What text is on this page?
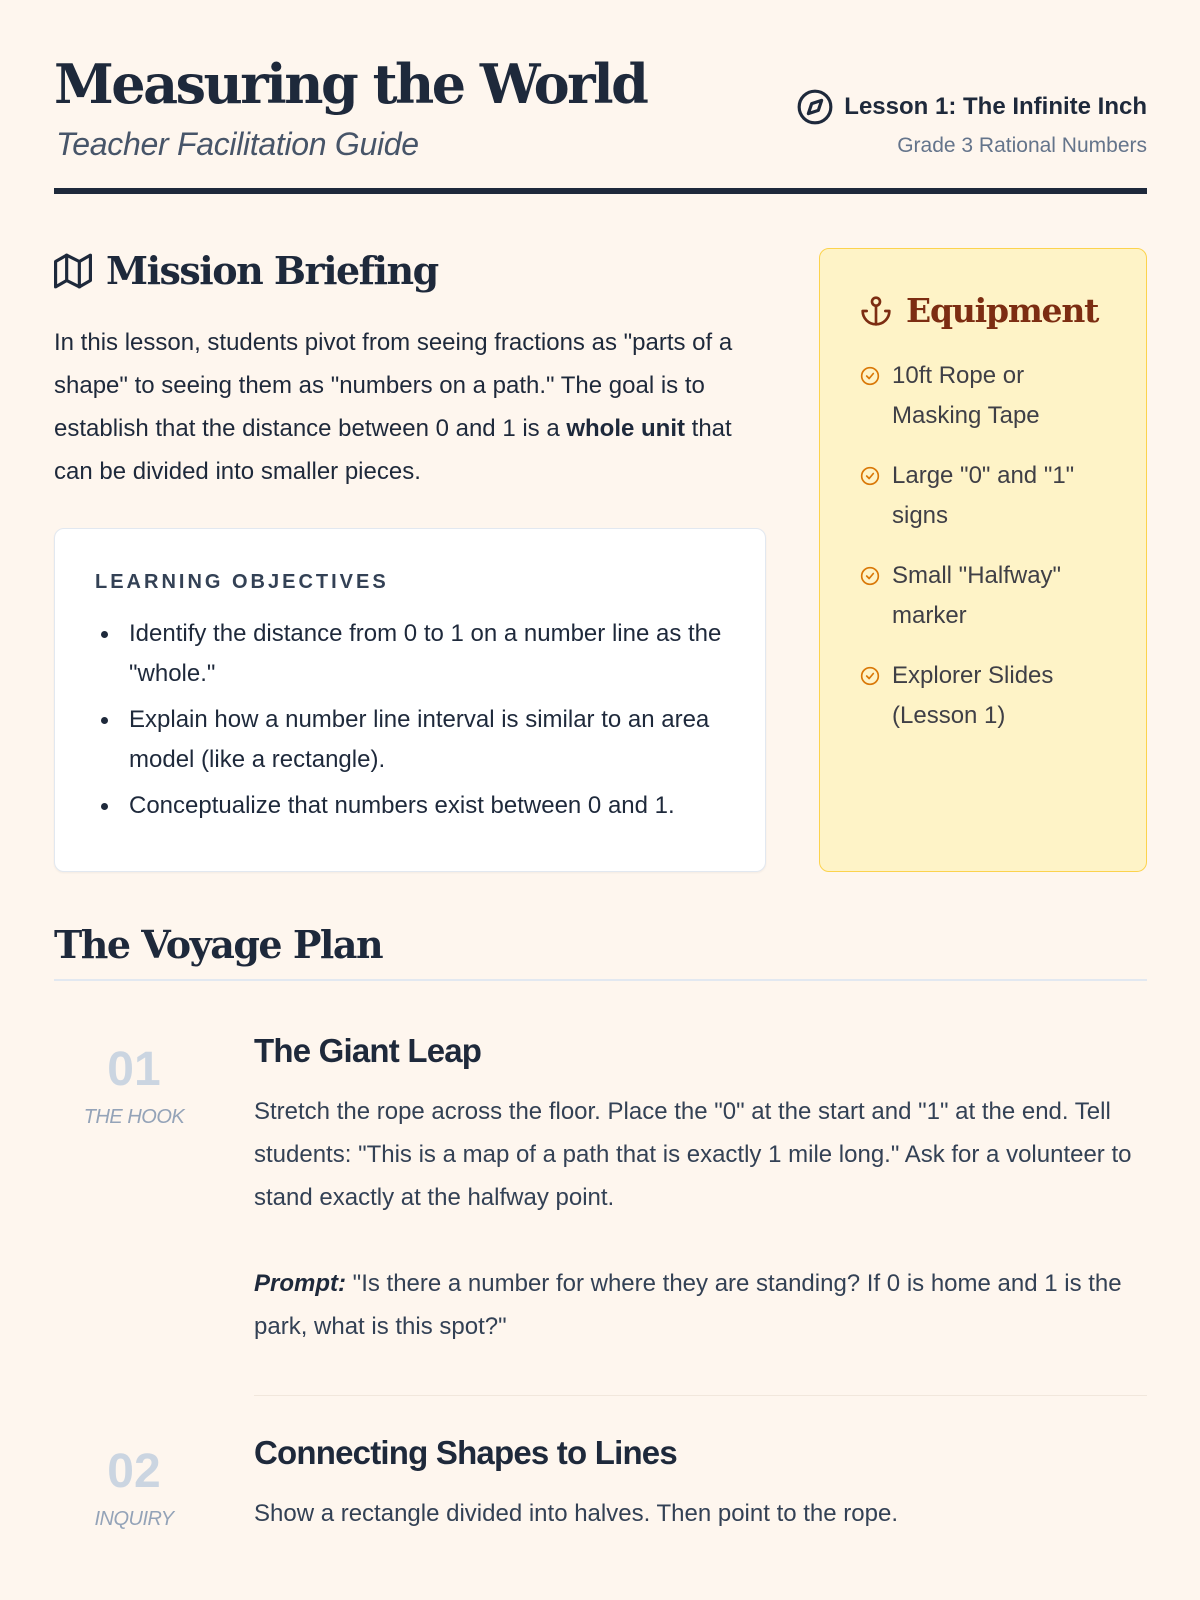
Measuring the World
Teacher Facilitation Guide
Lesson 1: The Infinite Inch
Grade 3 Rational Numbers
Mission Briefing

In this lesson, students pivot from seeing fractions as "parts of a shape" to seeing them as "numbers on a path." The goal is to establish that the distance between 0 and 1 is a whole unit that can be divided into smaller pieces.

LEARNING OBJECTIVES
Identify the distance from 0 to 1 on a number line as the "whole."
Explain how a number line interval is similar to an area model (like a rectangle).
Conceptualize that numbers exist between 0 and 1.
Equipment
10ft Rope or Masking Tape
Large "0" and "1" signs
Small "Halfway" marker
Explorer Slides (Lesson 1)
The Voyage Plan
01
THE HOOK
The Giant Leap

Stretch the rope across the floor. Place the "0" at the start and "1" at the end. Tell students: "This is a map of a path that is exactly 1 mile long." Ask for a volunteer to stand exactly at the halfway point.

Prompt: "Is there a number for where they are standing? If 0 is home and 1 is the park, what is this spot?"

02
INQUIRY
Connecting Shapes to Lines

Show a rectangle divided into halves. Then point to the rope.
